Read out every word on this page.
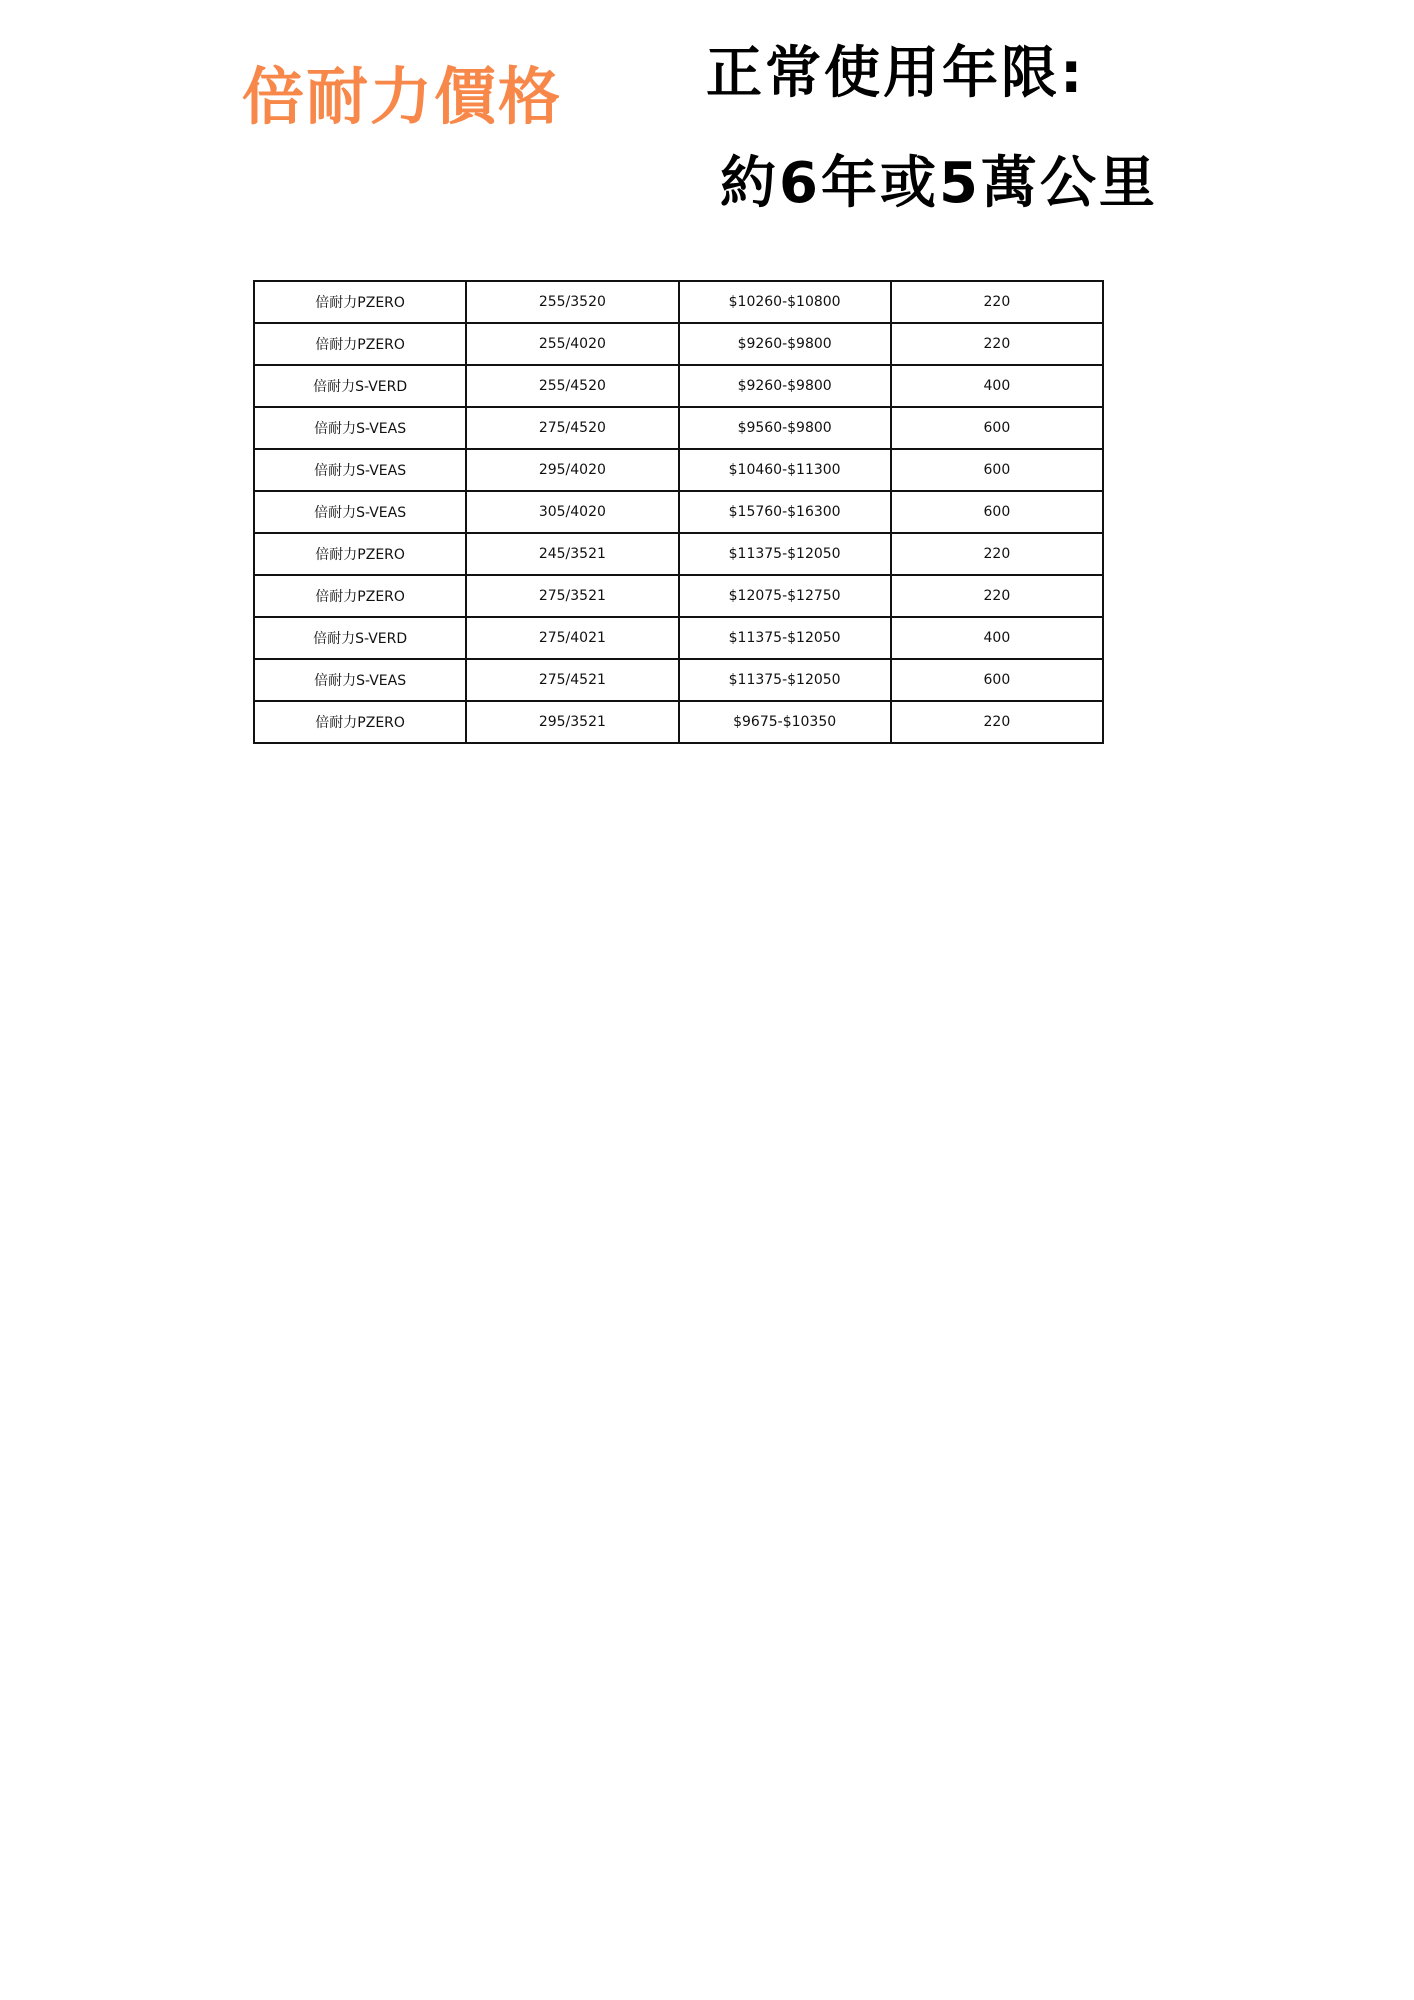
倍耐力價格	正常使用年限:
約6年或5萬公里
倍耐力PZERO	255/3520	$10260-$10800	220
倍耐力PZERO	255/4020	$9260-$9800	220
倍耐力S-VERD	255/4520	$9260-$9800	400
倍耐力S-VEAS	275/4520	$9560-$9800	600
倍耐力S-VEAS	295/4020	$10460-$11300	600
倍耐力S-VEAS	305/4020	$15760-$16300	600
倍耐力PZERO	245/3521	$11375-$12050	220
倍耐力PZERO	275/3521	$12075-$12750	220
倍耐力S-VERD	275/4021	$11375-$12050	400
倍耐力S-VEAS	275/4521	$11375-$12050	600
倍耐力PZERO	295/3521	$9675-$10350	220
